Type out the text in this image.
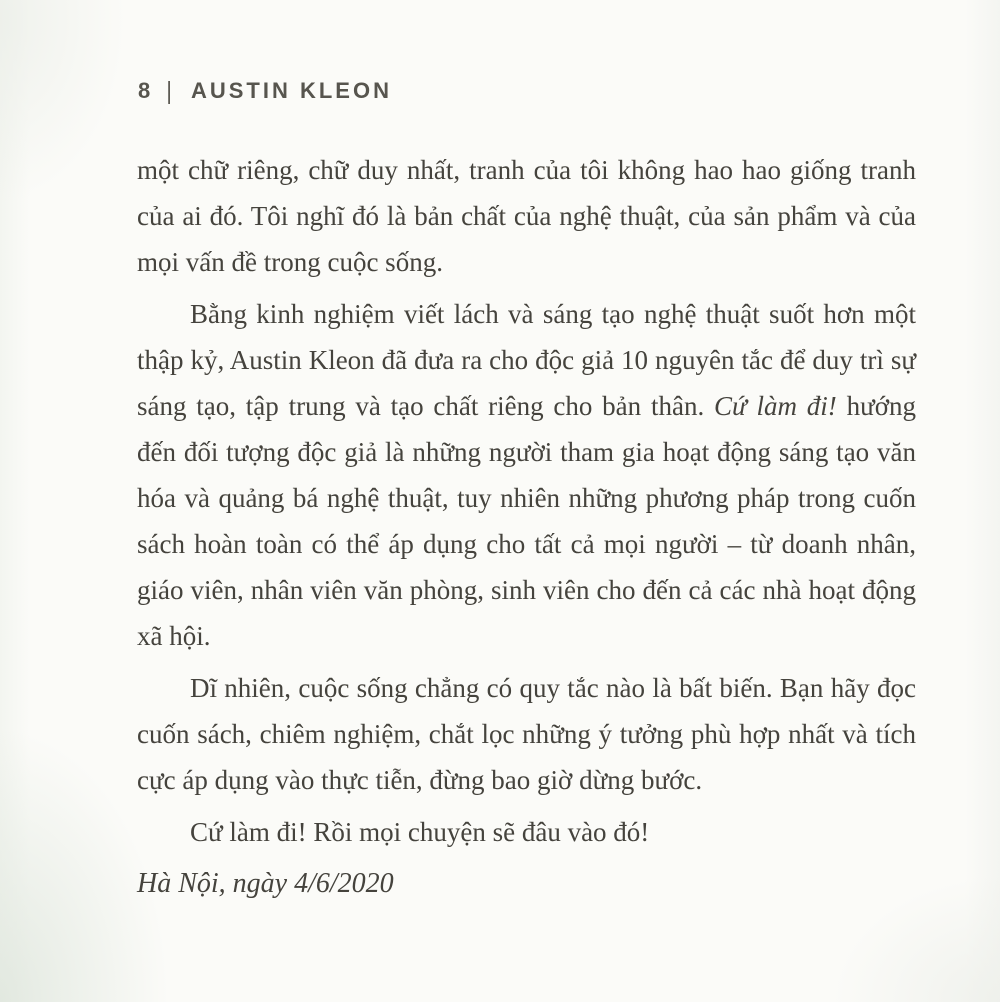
8 | AUSTIN KLEON

một chữ riêng, chữ duy nhất, tranh của tôi không hao hao giống tranh của ai đó. Tôi nghĩ đó là bản chất của nghệ thuật, của sản phẩm và của mọi vấn đề trong cuộc sống.

Bằng kinh nghiệm viết lách và sáng tạo nghệ thuật suốt hơn một thập kỷ, Austin Kleon đã đưa ra cho độc giả 10 nguyên tắc để duy trì sự sáng tạo, tập trung và tạo chất riêng cho bản thân. Cứ làm đi! hướng đến đối tượng độc giả là những người tham gia hoạt động sáng tạo văn hóa và quảng bá nghệ thuật, tuy nhiên những phương pháp trong cuốn sách hoàn toàn có thể áp dụng cho tất cả mọi người – từ doanh nhân, giáo viên, nhân viên văn phòng, sinh viên cho đến cả các nhà hoạt động xã hội.

Dĩ nhiên, cuộc sống chẳng có quy tắc nào là bất biến. Bạn hãy đọc cuốn sách, chiêm nghiệm, chắt lọc những ý tưởng phù hợp nhất và tích cực áp dụng vào thực tiễn, đừng bao giờ dừng bước.

Cứ làm đi! Rồi mọi chuyện sẽ đâu vào đó!

Hà Nội, ngày 4/6/2020
